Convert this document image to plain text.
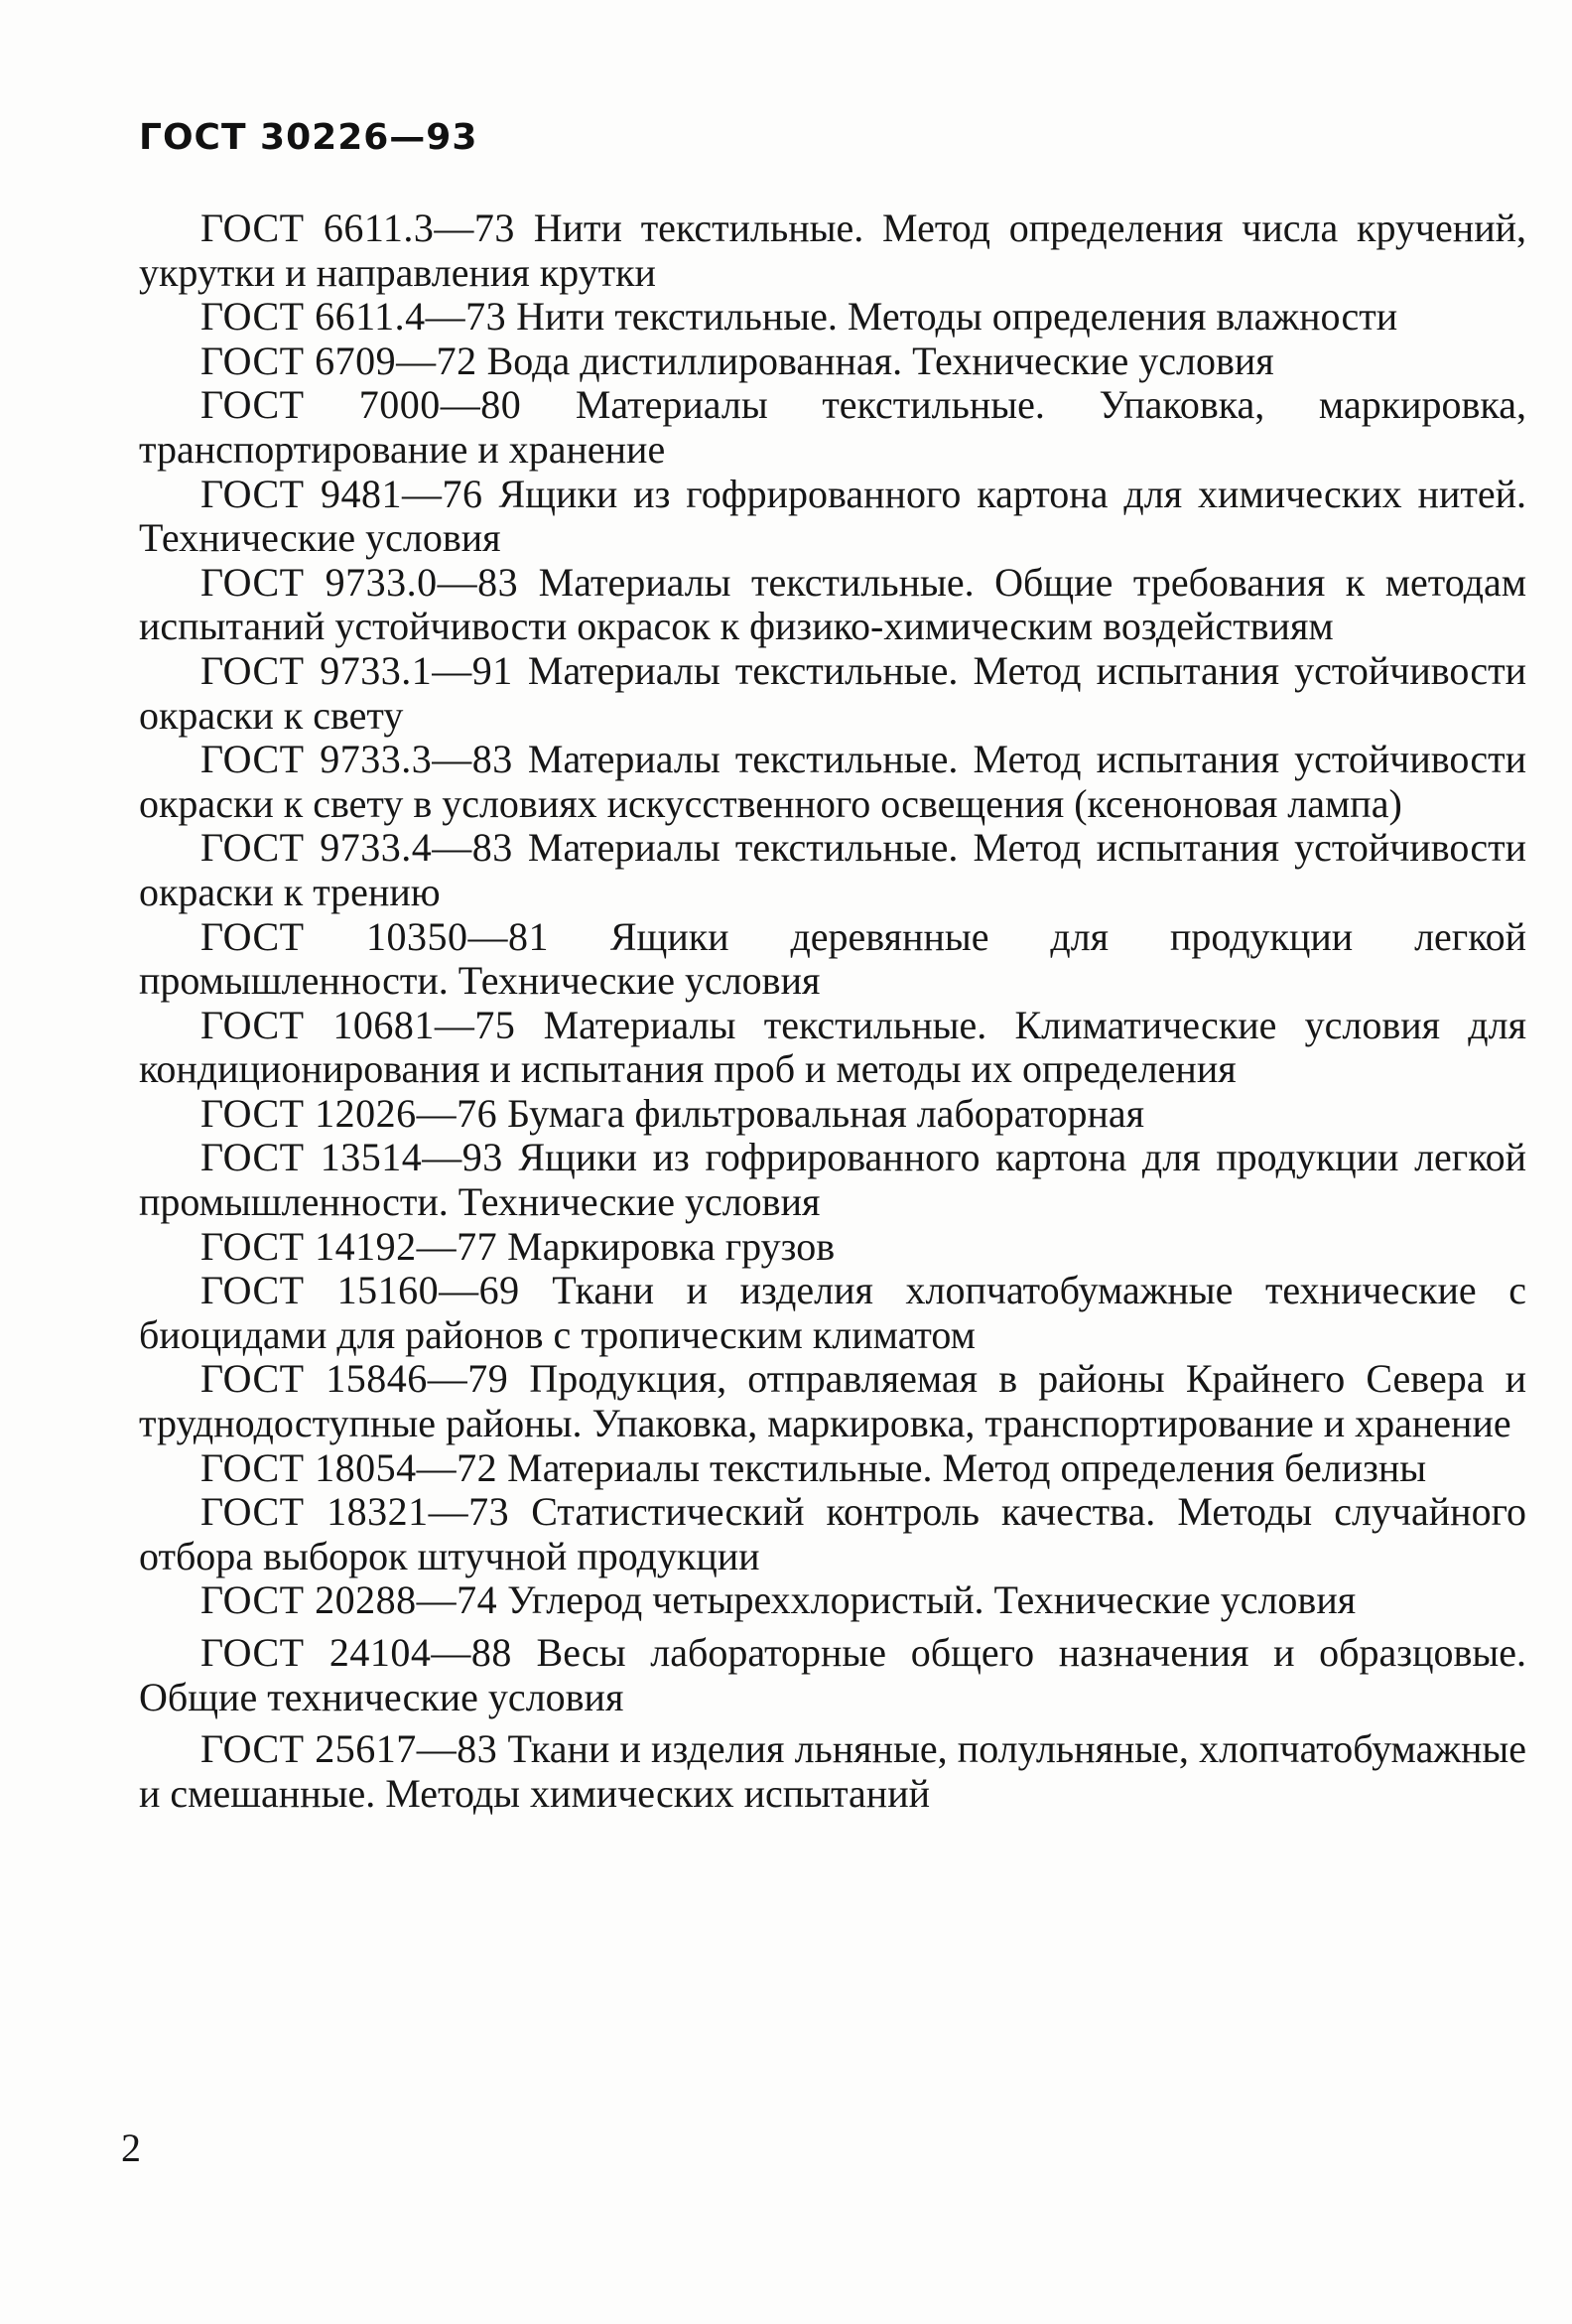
ГОСТ 30226—93
ГОСТ 6611.3—73 Нити текстильные. Метод определения числа кручений, укрутки и направления крутки
ГОСТ 6611.4—73 Нити текстильные. Методы определения влажности
ГОСТ 6709—72 Вода дистиллированная. Технические условия
ГОСТ 7000—80 Материалы текстильные. Упаковка, маркировка, транспортирование и хранение
ГОСТ 9481—76 Ящики из гофрированного картона для химических нитей. Технические условия
ГОСТ 9733.0—83 Материалы текстильные. Общие требования к методам испытаний устойчивости окрасок к физико-химическим воздействиям
ГОСТ 9733.1—91 Материалы текстильные. Метод испытания устойчивости окраски к свету
ГОСТ 9733.3—83 Материалы текстильные. Метод испытания устойчивости окраски к свету в условиях искусственного освещения (ксеноновая лампа)
ГОСТ 9733.4—83 Материалы текстильные. Метод испытания устойчивости окраски к трению
ГОСТ 10350—81 Ящики деревянные для продукции легкой промышленности. Технические условия
ГОСТ 10681—75 Материалы текстильные. Климатические условия для кондиционирования и испытания проб и методы их определения
ГОСТ 12026—76 Бумага фильтровальная лабораторная
ГОСТ 13514—93 Ящики из гофрированного картона для продукции легкой промышленности. Технические условия
ГОСТ 14192—77 Маркировка грузов
ГОСТ 15160—69 Ткани и изделия хлопчатобумажные технические с биоцидами для районов с тропическим климатом
ГОСТ 15846—79 Продукция, отправляемая в районы Крайнего Севера и труднодоступные районы. Упаковка, маркировка, транспортирование и хранение
ГОСТ 18054—72 Материалы текстильные. Метод определения белизны
ГОСТ 18321—73 Статистический контроль качества. Методы случайного отбора выборок штучной продукции
ГОСТ 20288—74 Углерод четыреххлористый. Технические условия
ГОСТ 24104—88 Весы лабораторные общего назначения и образцовые. Общие технические условия
ГОСТ 25617—83 Ткани и изделия льняные, полульняные, хлопчатобумажные и смешанные. Методы химических испытаний
2
